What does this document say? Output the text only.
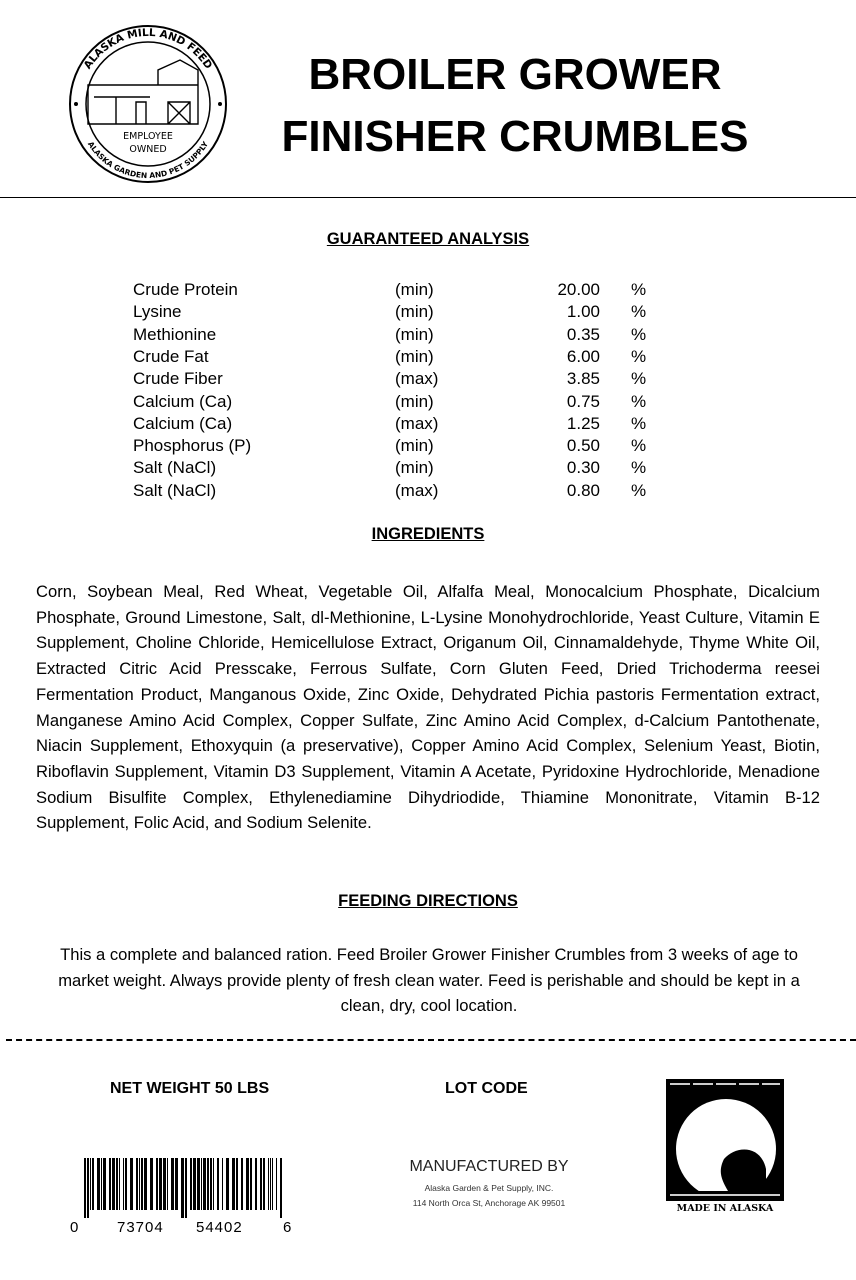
ALASKA MILL AND FEED
ALASKA GARDEN AND PET SUPPLY
EMPLOYEE
OWNED
BROILER GROWER
FINISHER CRUMBLES
GUARANTEED ANALYSIS
Crude Protein	(min)	20.00 %
Lysine	(min)	1.00 %
Methionine	(min)	0.35 %
Crude Fat	(min)	6.00 %
Crude Fiber	(max)	3.85 %
Calcium (Ca)	(min)	0.75 %
Calcium (Ca)	(max)	1.25 %
Phosphorus (P)	(min)	0.50 %
Salt (NaCl)	(min)	0.30 %
Salt (NaCl)	(max)	0.80 %
INGREDIENTS
Corn, Soybean Meal, Red Wheat, Vegetable Oil, Alfalfa Meal, Monocalcium Phosphate, Dicalcium Phosphate, Ground Limestone, Salt, dl-Methionine, L-Lysine Monohydrochloride, Yeast Culture, Vitamin E Supplement, Choline Chloride, Hemicellulose Extract, Origanum Oil, Cinnamaldehyde, Thyme White Oil, Extracted Citric Acid Presscake, Ferrous Sulfate, Corn Gluten Feed, Dried Trichoderma reesei Fermentation Product, Manganous Oxide, Zinc Oxide, Dehydrated Pichia pastoris Fermentation extract, Manganese Amino Acid Complex, Copper Sulfate, Zinc Amino Acid Complex, d-Calcium Pantothenate, Niacin Supplement, Ethoxyquin (a preservative), Copper Amino Acid Complex, Selenium Yeast, Biotin, Riboflavin Supplement, Vitamin D3 Supplement, Vitamin A Acetate, Pyridoxine Hydrochloride, Menadione Sodium Bisulfite Complex, Ethylenediamine Dihydriodide, Thiamine Mononitrate, Vitamin B-12 Supplement, Folic Acid, and Sodium Selenite.
FEEDING DIRECTIONS
This a complete and balanced ration. Feed Broiler Grower Finisher Crumbles from 3 weeks of age to market weight. Always provide plenty of fresh clean water. Feed is perishable and should be kept in a clean, dry, cool location.
NET WEIGHT 50 LBS	LOT CODE
0	73704 54402	6
MANUFACTURED BY
Alaska Garden & Pet Supply, INC.
114 North Orca St, Anchorage AK 99501	MADE IN ALASKA
